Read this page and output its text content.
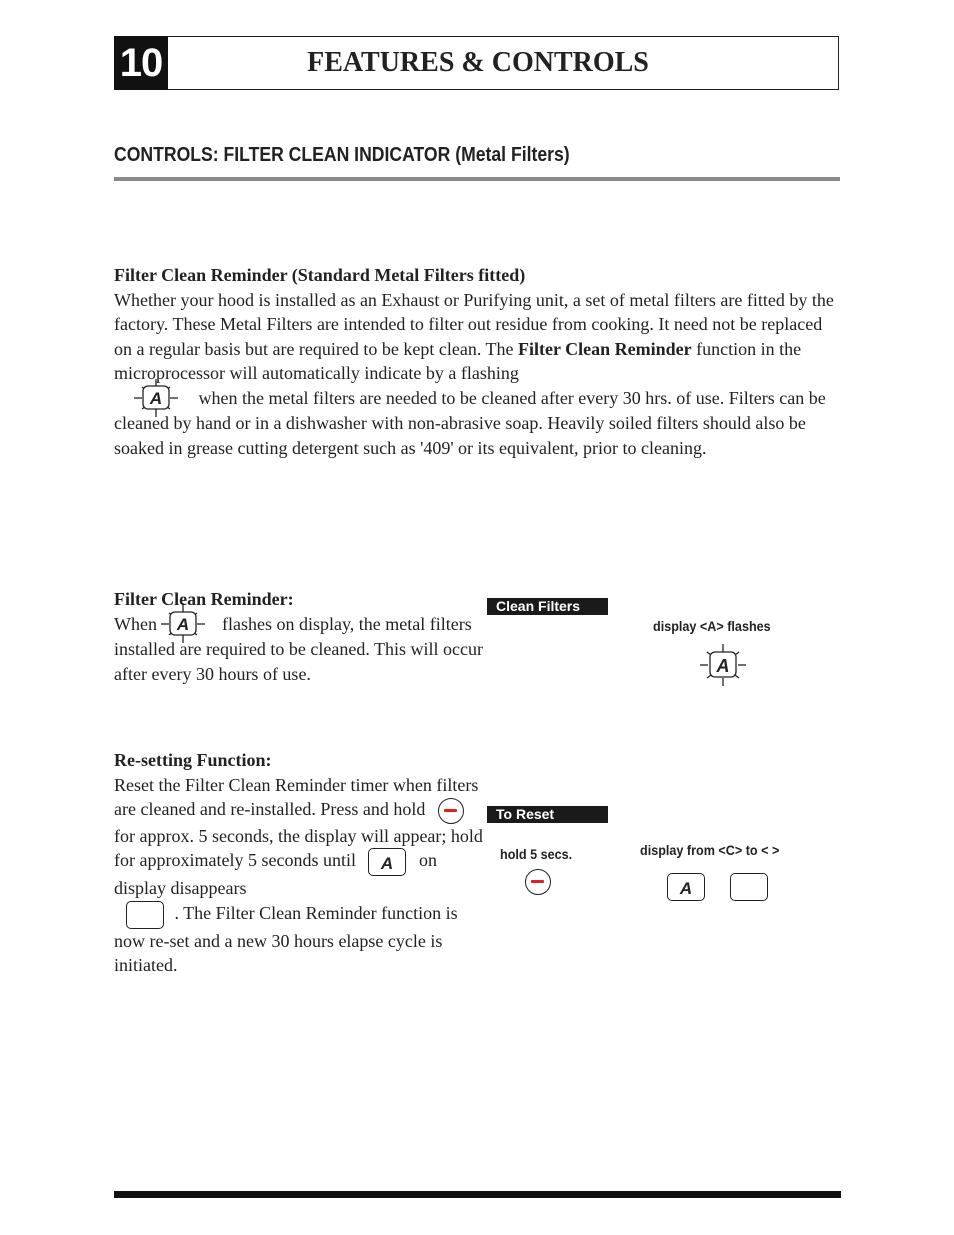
10	FEATURES & CONTROLS
CONTROLS: FILTER CLEAN INDICATOR (Metal Filters)
Filter Clean Reminder (Standard Metal Filters fitted)
Whether your hood is installed as an Exhaust or Purifying unit, a set of metal filters are fitted by the factory. These Metal Filters are intended to filter out residue from cooking. It need not be replaced on a regular basis but are required to be kept clean. The Filter Clean Reminder function in the microprocessor will automatically indicate by a flashing

A when the metal filters are needed to be cleaned after every 30 hrs. of use. Filters can be cleaned by hand or in a dishwasher with non-abrasive soap. Heavily soiled filters should also be soaked in grease cutting detergent such as '409' or its equivalent, prior to cleaning.
Filter Clean Reminder:
When A flashes on display, the metal filters installed are required to be cleaned. This will occur after every 30 hours of use.
Clean Filters
display <A> flashes
A
Re-setting Function:
Reset the Filter Clean Reminder timer when filters are cleaned and re-installed. Press and hold  for approx. 5 seconds, the display will appear; hold for approximately 5 seconds until A on display disappears
. The Filter Clean Reminder function is now re-set and a new 30 hours elapse cycle is initiated.
To Reset
hold 5 secs.	display from <C> to < >
A
